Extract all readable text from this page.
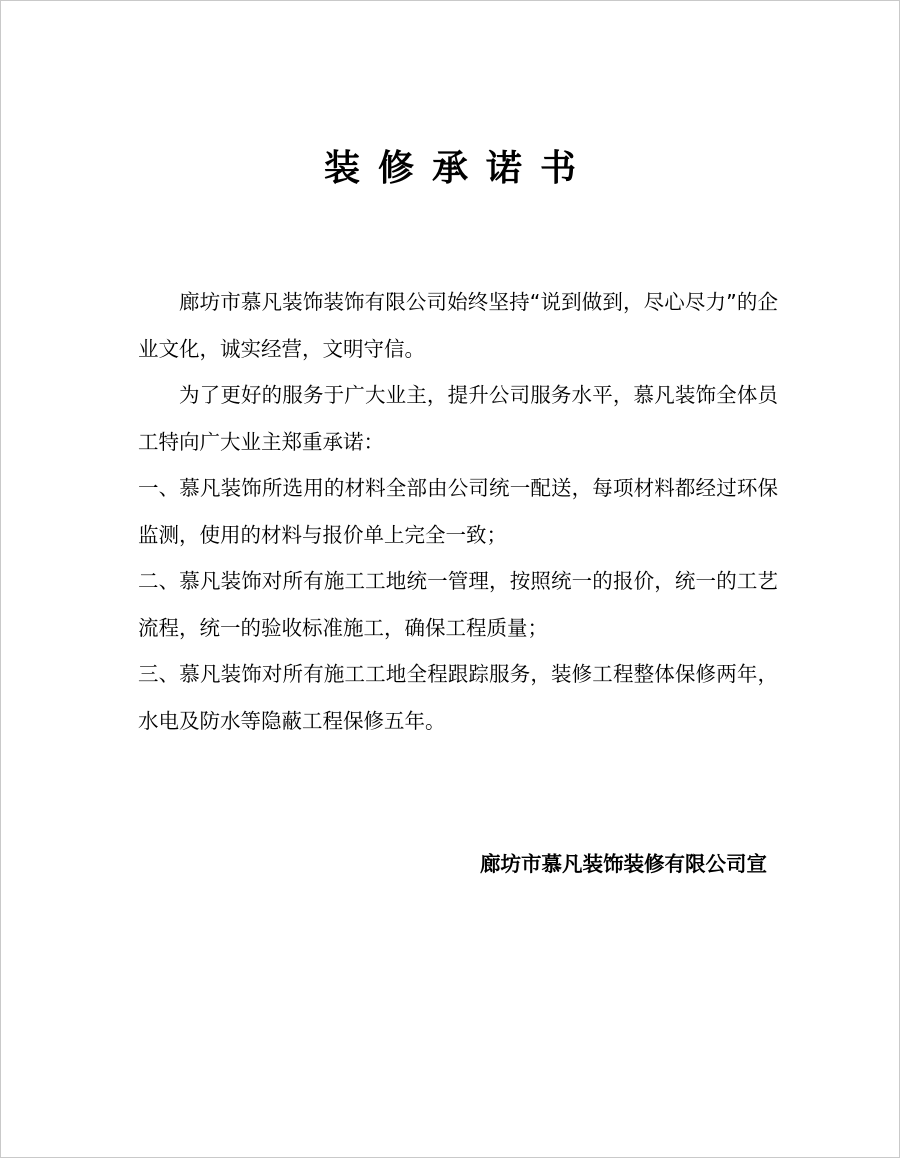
装修承诺书

廊坊市慕凡装饰装饰有限公司始终坚持“说到做到，尽心尽力”的企业文化，诚实经营，文明守信。

为了更好的服务于广大业主，提升公司服务水平，慕凡装饰全体员工特向广大业主郑重承诺：

一、慕凡装饰所选用的材料全部由公司统一配送，每项材料都经过环保监测，使用的材料与报价单上完全一致；

二、慕凡装饰对所有施工工地统一管理，按照统一的报价，统一的工艺流程，统一的验收标准施工，确保工程质量；

三、慕凡装饰对所有施工工地全程跟踪服务，装修工程整体保修两年，水电及防水等隐蔽工程保修五年。

廊坊市慕凡装饰装修有限公司宣
